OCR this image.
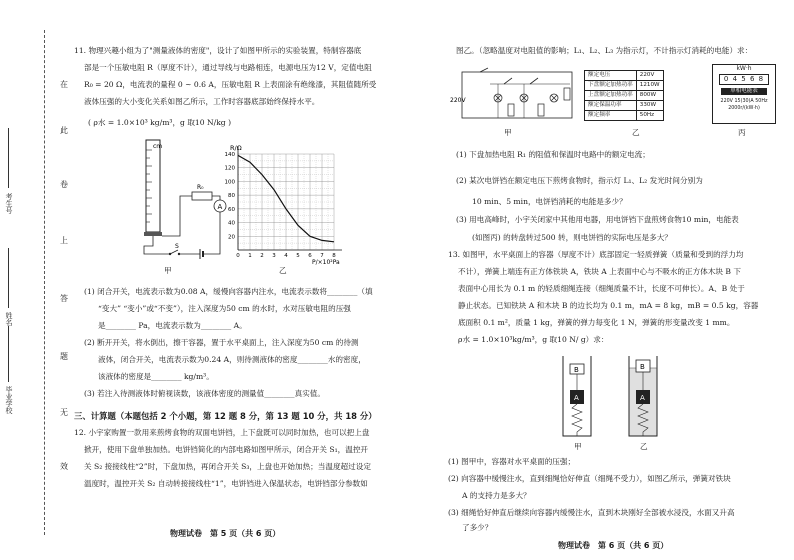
考生号
姓名
毕业学校
在
此
卷
上
答
题
无
效
11. 物理兴趣小组为了"测量液体的密度"，设计了如图甲所示的实验装置，特制容器底
部是一个压敏电阻 R（厚度不计），通过导线与电路相连，电源电压为12 V，定值电阻
R₀ = 20 Ω，电流表的量程 0 ~ 0.6 A，压敏电阻 R 上表面涂有绝缘漆，其阻值随所受
液体压强的大小变化关系如图乙所示，工作时容器底部始终保持水平。
( ρ水 = 1.0×10³ kg/m³，g 取10 N/kg )
cm
A
R₀
S
甲
140
120
100
80
60
40
20
0 1 2 3 4 5 6 7 8
R/Ω
P/×10²Pa
乙
(1) 闭合开关，电流表示数为0.08 A，缓慢向容器内注水，电流表示数将________（填
“变大” “变小”或“不变”），注入深度为50 cm 的水时，水对压敏电阻的压强
是________ Pa，电流表示数为________ A。
(2) 断开开关，将水倒出，擦干容器，置于水平桌面上，注入深度为50 cm 的待测
液体，闭合开关，电流表示数为0.24 A，则待测液体的密度________水的密度，
该液体的密度是________ kg/m³。
(3) 若注入待测液体时俯视读数，该液体密度的测量值________真实值。
三、计算题（本题包括 2 个小题，第 12 题 8 分，第 13 题 10 分，共 18 分）
12. 小宇家购置一款用来煎烤食物的双面电饼铛，上下盘既可以同时加热，也可以把上盘
掀开，使用下盘单独加热。电饼铛简化的内部电路如图甲所示，闭合开关 S₁，温控开
关 S₂ 接接线柱“2”时，下盘加热，再闭合开关 S₃，上盘也开始加热；当温度超过设定
温度时，温控开关 S₂ 自动转接接线柱“1”，电饼铛进入保温状态，电饼铛部分参数如
物理试卷　第 5 页（共 6 页）
图乙。（忽略温度对电阻值的影响；L₁、L₂、L₃ 为指示灯，不计指示灯消耗的电能）求：
220V
甲
额定电压	220V
下盘额定加热功率	1210W
上盘额定加热功率	800W
额定保温功率	330W
额定频率	50Hz
乙
kW·h
0 4 5 6 8
单相电能表
220V 15(30)A 50Hz
2000r/(kW·h)
丙
(1) 下盘加热电阻 R₁ 的阻值和保温时电路中的额定电流；
(2) 某次电饼铛在额定电压下煎烤食物时，指示灯 L₁、L₂ 发光时间分别为
10 min、5 min，电饼铛消耗的电能是多少？
(3) 用电高峰时，小宇关闭家中其他用电器，用电饼铛下盘煎烤食物10 min，电能表
(如图丙) 的转盘转过500 转，则电饼铛的实际电压是多大？
13. 如图甲，水平桌面上的容器（厚度不计）底部固定一轻质弹簧（质量和受到的浮力均
不计），弹簧上端连有正方体铁块 A，铁块 A 上表面中心与不吸水的正方体木块 B 下
表面中心用长为 0.1 m 的轻质细绳连接（细绳质量不计，长度不可伸长）。A、B 处于
静止状态。已知铁块 A 和木块 B 的边长均为 0.1 m，mA = 8 kg，mB = 0.5 kg，容器
底面积 0.1 m²，质量 1 kg，弹簧的弹力每变化 1 N，弹簧的形变量改变 1 mm。
ρ水 = 1.0×10³kg/m³，g 取10 N/ g）求：
B
A
甲
B
A
乙
(1) 图甲中，容器对水平桌面的压强；
(2) 向容器中缓慢注水，直到细绳恰好伸直（细绳不受力），如图乙所示，弹簧对铁块
A 的支持力是多大？
(3) 细绳恰好伸直后继续向容器内缓慢注水，直到木块刚好全部被水浸没，水面又升高
了多少？
物理试卷　第 6 页（共 6 页）
